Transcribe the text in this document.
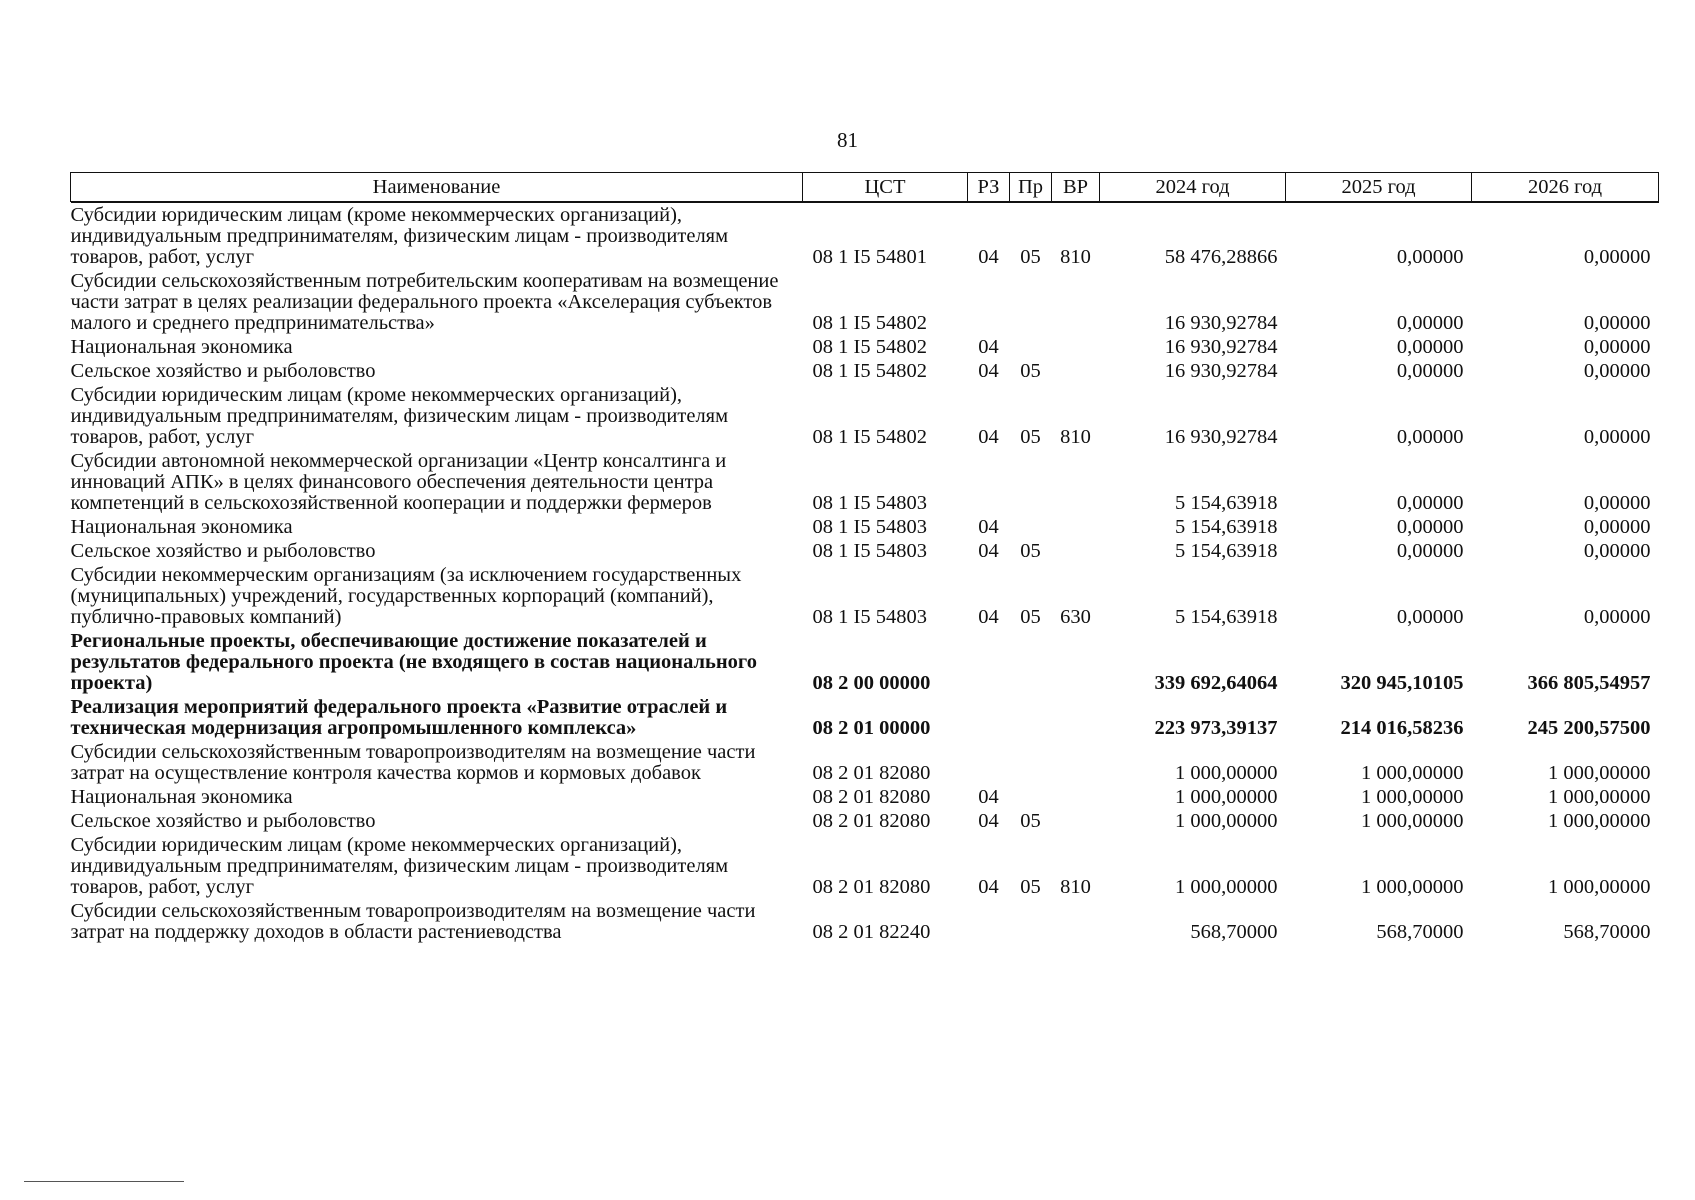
81
Наименование	ЦСТ	РЗ	Пр	ВР	2024 год	2025 год	2026 год
Субсидии юридическим лицам (кроме некоммерческих организаций), индивидуальным предпринимателям, физическим лицам - производителям товаров, работ, услуг	08 1 I5 54801	04	05	810	58 476,28866	0,00000	0,00000
Субсидии сельскохозяйственным потребительским кооперативам на возмещение части затрат в целях реализации федерального проекта «Акселерация субъектов малого и среднего предпринимательства»	08 1 I5 54802				16 930,92784	0,00000	0,00000
Национальная экономика	08 1 I5 54802	04			16 930,92784	0,00000	0,00000
Сельское хозяйство и рыболовство	08 1 I5 54802	04	05		16 930,92784	0,00000	0,00000
Субсидии юридическим лицам (кроме некоммерческих организаций), индивидуальным предпринимателям, физическим лицам - производителям товаров, работ, услуг	08 1 I5 54802	04	05	810	16 930,92784	0,00000	0,00000
Субсидии автономной некоммерческой организации «Центр консалтинга и инноваций АПК» в целях финансового обеспечения деятельности центра компетенций в сельскохозяйственной кооперации и поддержки фермеров	08 1 I5 54803				5 154,63918	0,00000	0,00000
Национальная экономика	08 1 I5 54803	04			5 154,63918	0,00000	0,00000
Сельское хозяйство и рыболовство	08 1 I5 54803	04	05		5 154,63918	0,00000	0,00000
Субсидии некоммерческим организациям (за исключением государственных (муниципальных) учреждений, государственных корпораций (компаний), публично-правовых компаний)	08 1 I5 54803	04	05	630	5 154,63918	0,00000	0,00000
Региональные проекты, обеспечивающие достижение показателей и результатов федерального проекта (не входящего в состав национального проекта)	08 2 00 00000				339 692,64064	320 945,10105	366 805,54957
Реализация мероприятий федерального проекта «Развитие отраслей и техническая модернизация агропромышленного комплекса»	08 2 01 00000				223 973,39137	214 016,58236	245 200,57500
Субсидии сельскохозяйственным товаропроизводителям на возмещение части затрат на осуществление контроля качества кормов и кормовых добавок	08 2 01 82080				1 000,00000	1 000,00000	1 000,00000
Национальная экономика	08 2 01 82080	04			1 000,00000	1 000,00000	1 000,00000
Сельское хозяйство и рыболовство	08 2 01 82080	04	05		1 000,00000	1 000,00000	1 000,00000
Субсидии юридическим лицам (кроме некоммерческих организаций), индивидуальным предпринимателям, физическим лицам - производителям товаров, работ, услуг	08 2 01 82080	04	05	810	1 000,00000	1 000,00000	1 000,00000
Субсидии сельскохозяйственным товаропроизводителям на возмещение части затрат на поддержку доходов в области растениеводства	08 2 01 82240				568,70000	568,70000	568,70000
